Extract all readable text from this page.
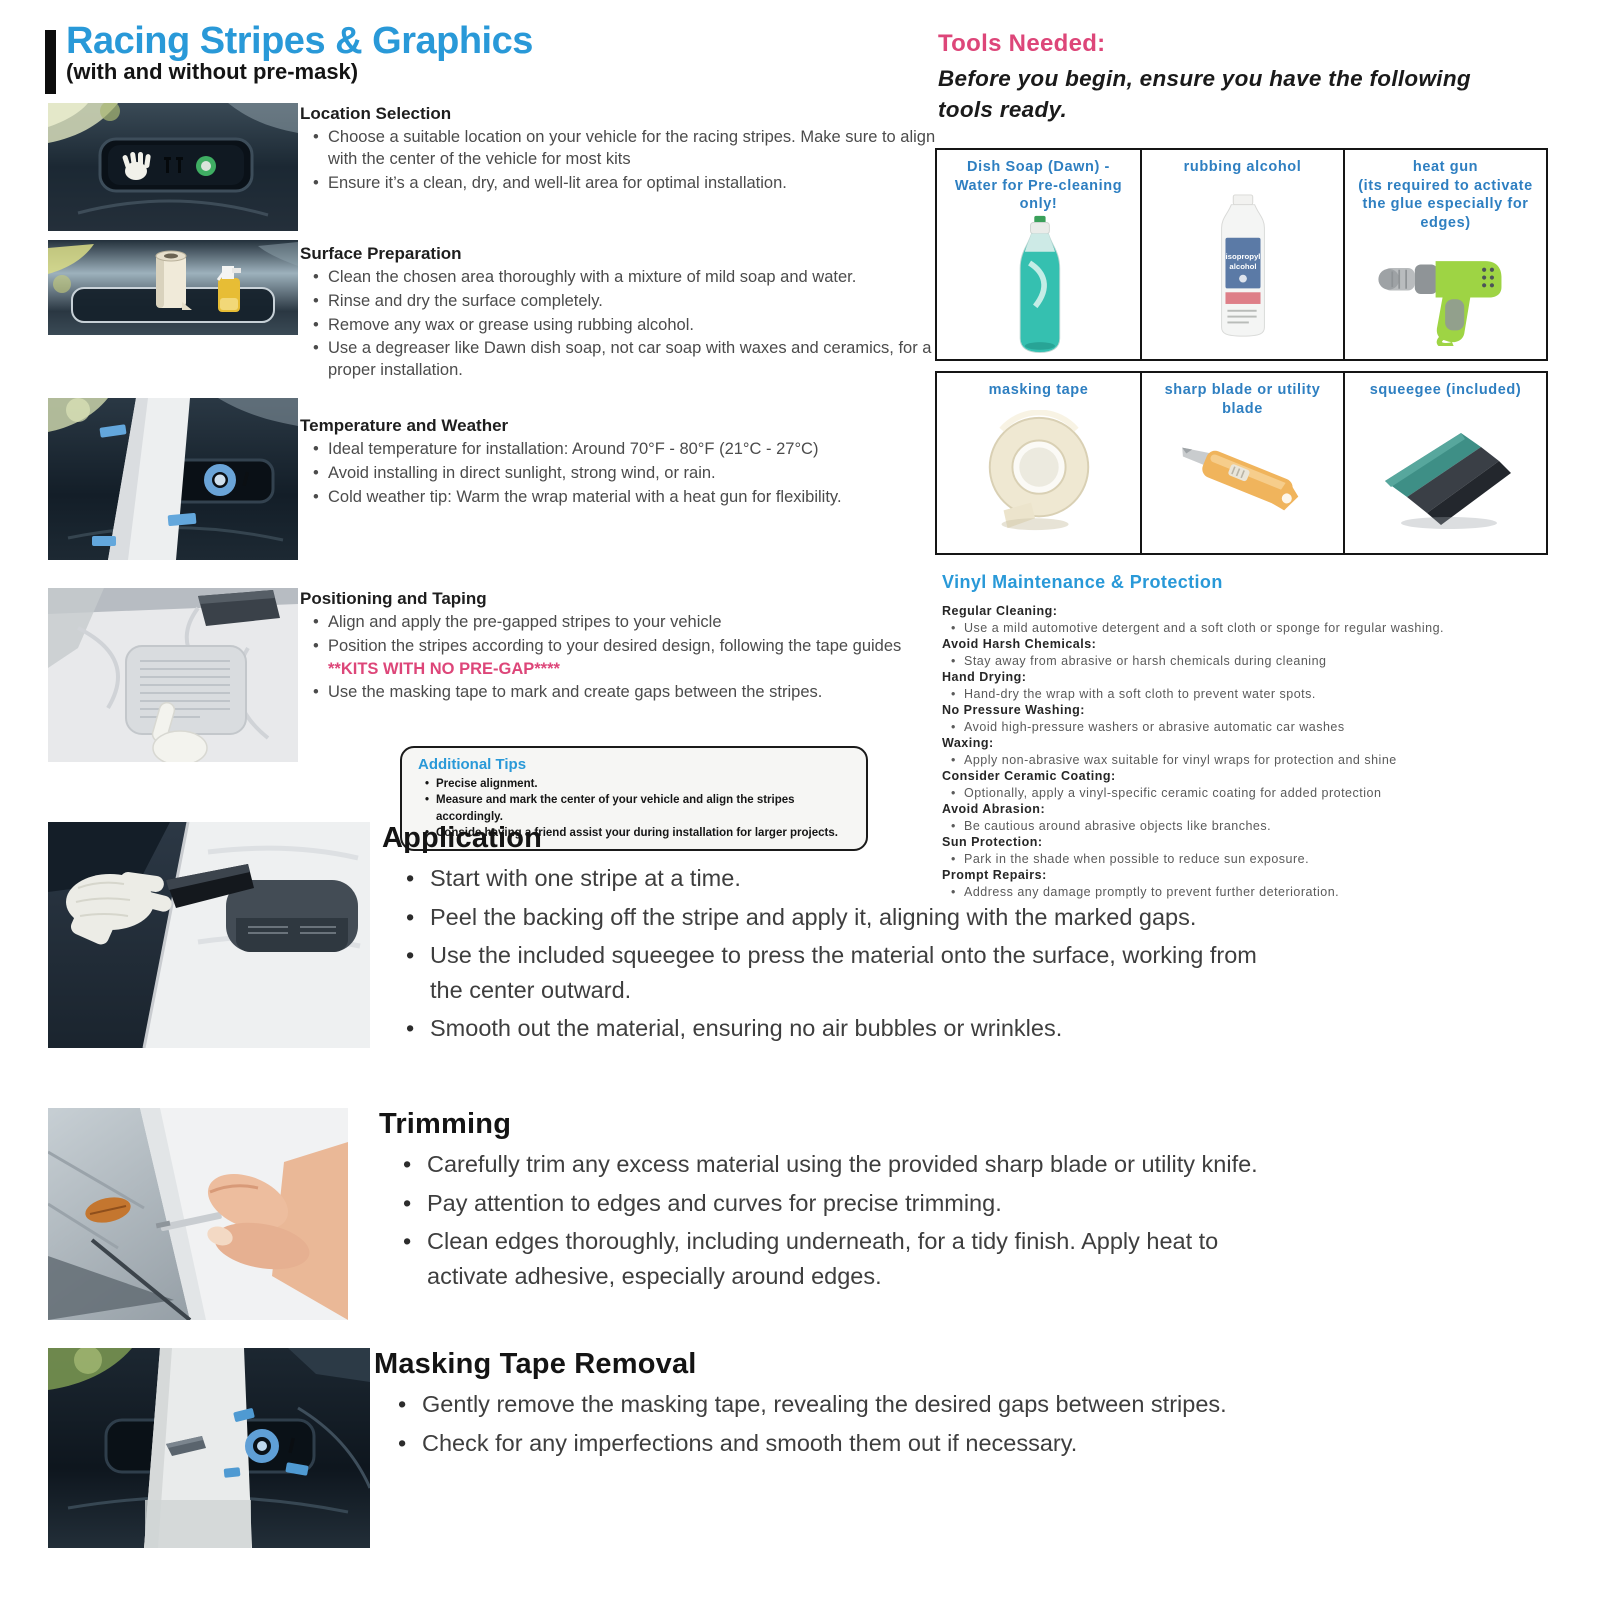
Racing Stripes & Graphics
(with and without pre-mask)
Location Selection
• Choose a suitable location on your vehicle for the racing stripes. Make sure to align with the center of the vehicle for most kits
• Ensure it’s a clean, dry, and well-lit area for optimal installation.
Surface Preparation
• Clean the chosen area thoroughly with a mixture of mild soap and water.
• Rinse and dry the surface completely.
• Remove any wax or grease using rubbing alcohol.
• Use a degreaser like Dawn dish soap, not car soap with waxes and ceramics, for a proper installation.
Temperature and Weather
• Ideal temperature for installation: Around 70°F - 80°F (21°C - 27°C)
• Avoid installing in direct sunlight, strong wind, or rain.
• Cold weather tip: Warm the wrap material with a heat gun for flexibility.
Positioning and Taping
• Align and apply the pre-gapped stripes to your vehicle
• Position the stripes according to your desired design, following the tape guides
**KITS WITH NO PRE-GAP****
• Use the masking tape to mark and create gaps between the stripes.
Tools Needed:
Before you begin, ensure you have the following tools ready.
Dish Soap (Dawn) - Water for Pre-cleaning only!
rubbing alcohol
isopropyl
alcohol
heat gun
(its required to activate the glue especially for edges)
masking tape	sharp blade or utility blade
squeegee (included)
Vinyl Maintenance & Protection
Regular Cleaning:
• Use a mild automotive detergent and a soft cloth or sponge for regular washing.
Avoid Harsh Chemicals:
• Stay away from abrasive or harsh chemicals during cleaning
Hand Drying:
• Hand-dry the wrap with a soft cloth to prevent water spots.
No Pressure Washing:
• Avoid high-pressure washers or abrasive automatic car washes
Waxing:
• Apply non-abrasive wax suitable for vinyl wraps for protection and shine
Consider Ceramic Coating:
• Optionally, apply a vinyl-specific ceramic coating for added protection
Avoid Abrasion:
• Be cautious around abrasive objects like branches.
Sun Protection:
• Park in the shade when possible to reduce sun exposure.
Prompt Repairs:
• Address any damage promptly to prevent further deterioration.
Additional Tips
• Precise alignment.
• Measure and mark the center of your vehicle and align the stripes accordingly.
• Conside having a friend assist your during installation for larger projects.
Application
• Start with one stripe at a time.
• Peel the backing off the stripe and apply it, aligning with the marked gaps.
• Use the included squeegee to press the material onto the surface, working from the center outward.
• Smooth out the material, ensuring no air bubbles or wrinkles.
Trimming
• Carefully trim any excess material using the provided sharp blade or utility knife.
• Pay attention to edges and curves for precise trimming.
• Clean edges thoroughly, including underneath, for a tidy finish. Apply heat to activate adhesive, especially around edges.
Masking Tape Removal
• Gently remove the masking tape, revealing the desired gaps between stripes.
• Check for any imperfections and smooth them out if necessary.
